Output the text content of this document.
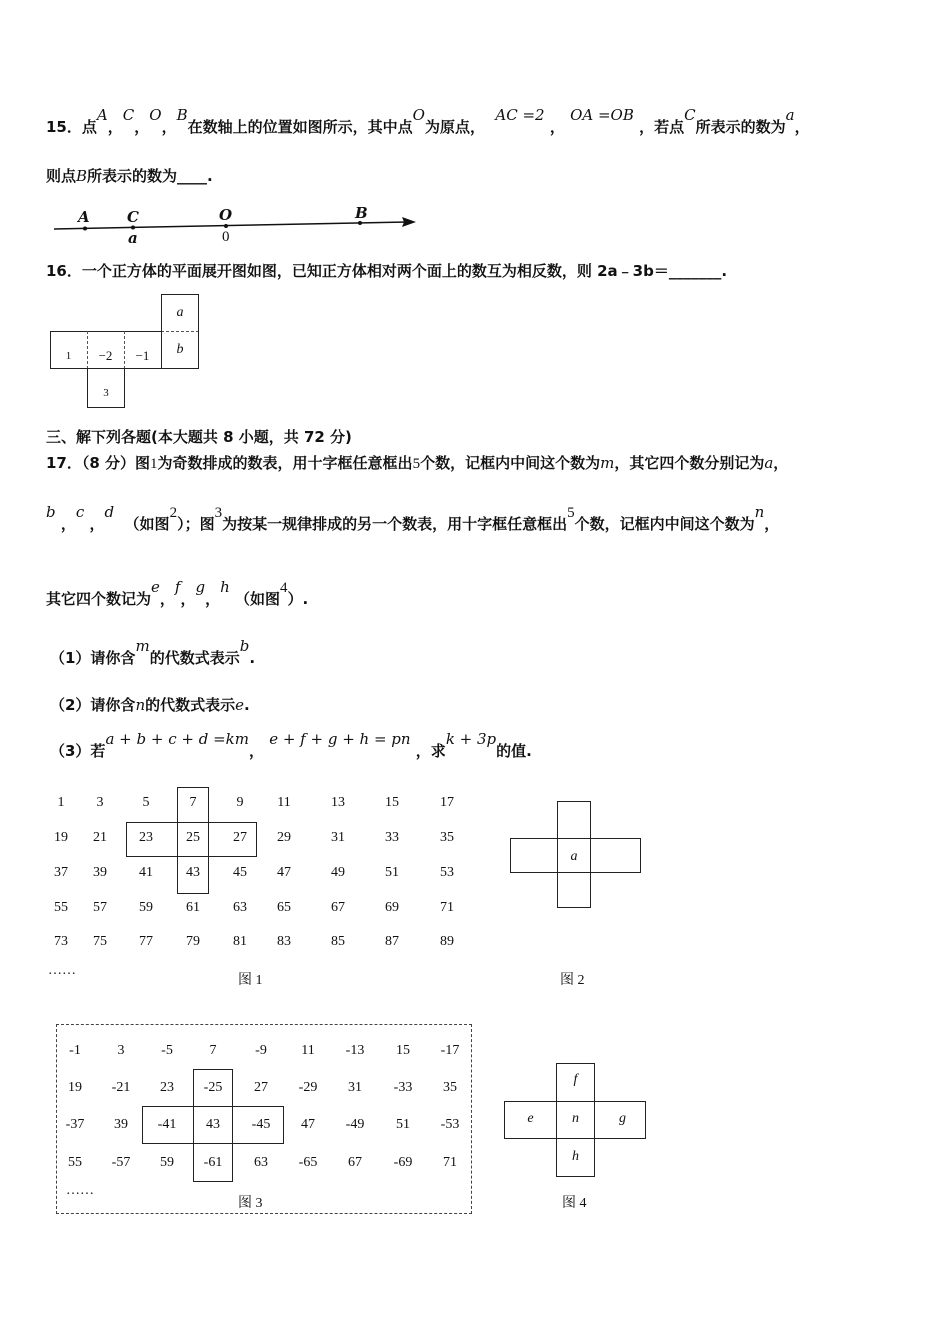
15．点A，C，O，B在数轴上的位置如图所示，其中点O为原点，  AC =2 ， OA =OB ，若点C所表示的数为a，
则点B所表示的数为____.
A C	O	B
a	0
16．一个正方体的平面展开图如图，已知正方体相对两个面上的数互为相反数，则 2a﹣3b＝_______.
a
b
1	−2	−1
3
三、解下列各题(本大题共 8 小题，共 72 分)
17．（8 分）图1为奇数排成的数表，用十字框任意框出5个数，记框内中间这个数为m，其它四个数分别记为a，
b ，c ，d  （如图2）；图3为按某一规律排成的另一个数表，用十字框任意框出5个数，记框内中间这个数为n，
其它四个数记为e，f，g，h （如图4）.
（1）请你含m的代数式表示b.
（2）请你含n的代数式表示e.
（3）若a + b + c + d =km， e + f + g + h = pn ，求k + 3p的值.
1	3	5	7	9	11	13	15	17
19	21	23	25	27	29	31	33	35
37	39	41	43	45	47	49	51	53
55	57	59	61	63	65	67	69	71
73	75	77	79	81	83	85	87	89
……
图 1
a
图 2
-1	3	-5	7	-9	11	-13	15	-17
19	-21	23	-25	27	-29	31	-33	35
-37	39	-41	43	-45	47	-49	51	-53
55	-57	59	-61	63	-65	67	-69	71
……
图 3
f
e	n	g
h
图 4
